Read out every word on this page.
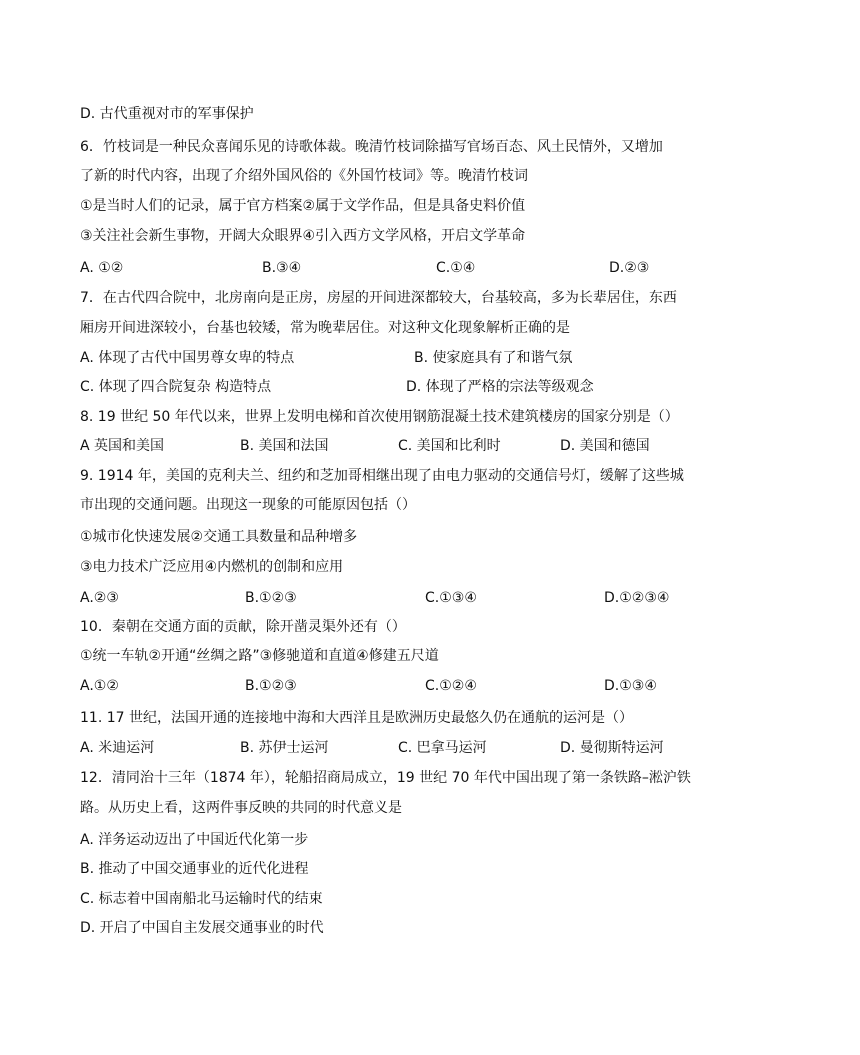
D. 古代重视对市的军事保护
6．竹枝词是一种民众喜闻乐见的诗歌体裁。晚清竹枝词除描写官场百态、风土民情外，又增加
了新的时代内容，出现了介绍外国风俗的《外国竹枝词》等。晚清竹枝词
①是当时人们的记录，属于官方档案②属于文学作品，但是具备史料价值
③关注社会新生事物，开阔大众眼界④引入西方文学风格，开启文学革命
A. ①②	B.③④	C.①④	D.②③
7．在古代四合院中，北房南向是正房，房屋的开间进深都较大，台基较高，多为长辈居住，东西
厢房开间进深较小，台基也较矮，常为晚辈居住。对这种文化现象解析正确的是
A. 体现了古代中国男尊女卑的特点	B. 使家庭具有了和谐气氛
C. 体现了四合院复杂 构造特点	D. 体现了严格的宗法等级观念
8. 19 世纪 50 年代以来，世界上发明电梯和首次使用钢筋混凝土技术建筑楼房的国家分别是（）
A 英国和美国	B. 美国和法国	C. 美国和比利时	D. 美国和德国
9. 1914 年，美国的克利夫兰、纽约和芝加哥相继出现了由电力驱动的交通信号灯，缓解了这些城
市出现的交通问题。出现这一现象的可能原因包括（）
①城市化快速发展②交通工具数量和品种增多
③电力技术广泛应用④内燃机的创制和应用
A.②③	B.①②③	C.①③④	D.①②③④
10．秦朝在交通方面的贡献，除开凿灵渠外还有（）
①统一车轨②开通“丝绸之路”③修驰道和直道④修建五尺道
A.①②	B.①②③	C.①②④	D.①③④
11. 17 世纪，法国开通的连接地中海和大西洋且是欧洲历史最悠久仍在通航的运河是（）
A. 米迪运河	B. 苏伊士运河	C. 巴拿马运河	D. 曼彻斯特运河
12．清同治十三年（1874 年），轮船招商局成立，19 世纪 70 年代中国出现了第一条铁路–淞沪铁
路。从历史上看，这两件事反映的共同的时代意义是
A. 洋务运动迈出了中国近代化第一步
B. 推动了中国交通事业的近代化进程
C. 标志着中国南船北马运输时代的结束
D. 开启了中国自主发展交通事业的时代
